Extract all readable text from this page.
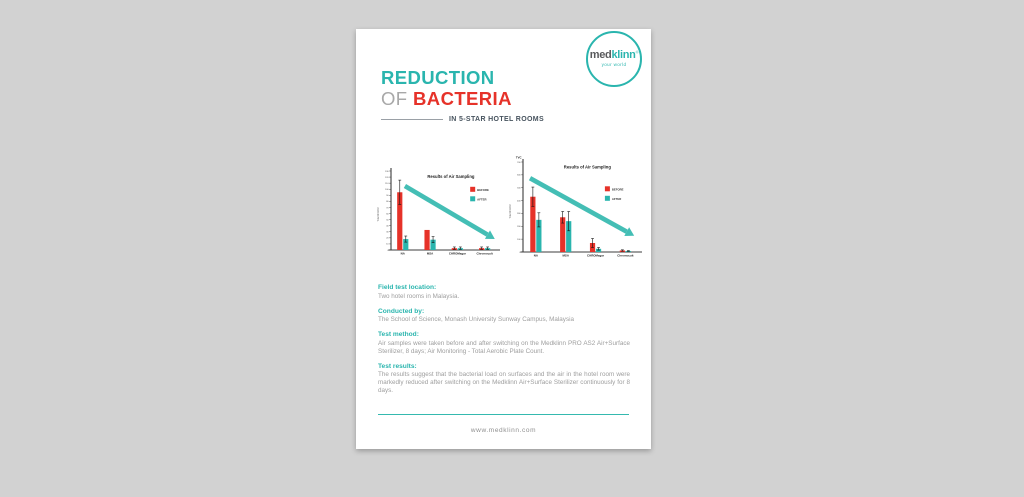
medklinn®
your world
REDUCTION
OF BACTERIA
IN 5-STAR HOTEL ROOMS
0
10
20
30
40
50
60
70
80
90
100
110
120
130
Results of Air Sampling
Total CFU/m3
NA	MSA	CHROMagar	Chromocult
BEFORE
AFTER
0
100
200
300
400
500
600
700
Results of Air Sampling
TVC
Total CFU/m3
NA	MSA	CHROMagar	Chromocult
BEFORE
AFTER
Field test location:
Two hotel rooms in Malaysia.
Conducted by:
The School of Science, Monash University Sunway Campus, Malaysia
Test method:
Air samples were taken before and after switching on the Medklinn PRO AS2 Air+Surface Sterilizer, 8 days; Air Monitoring - Total Aerobic Plate Count.
Test results:
The results suggest that the bacterial load on surfaces and the air in the hotel room were markedly reduced after switching on the Medklinn Air+Surface Sterilizer continuously for 8 days.
www.medklinn.com
